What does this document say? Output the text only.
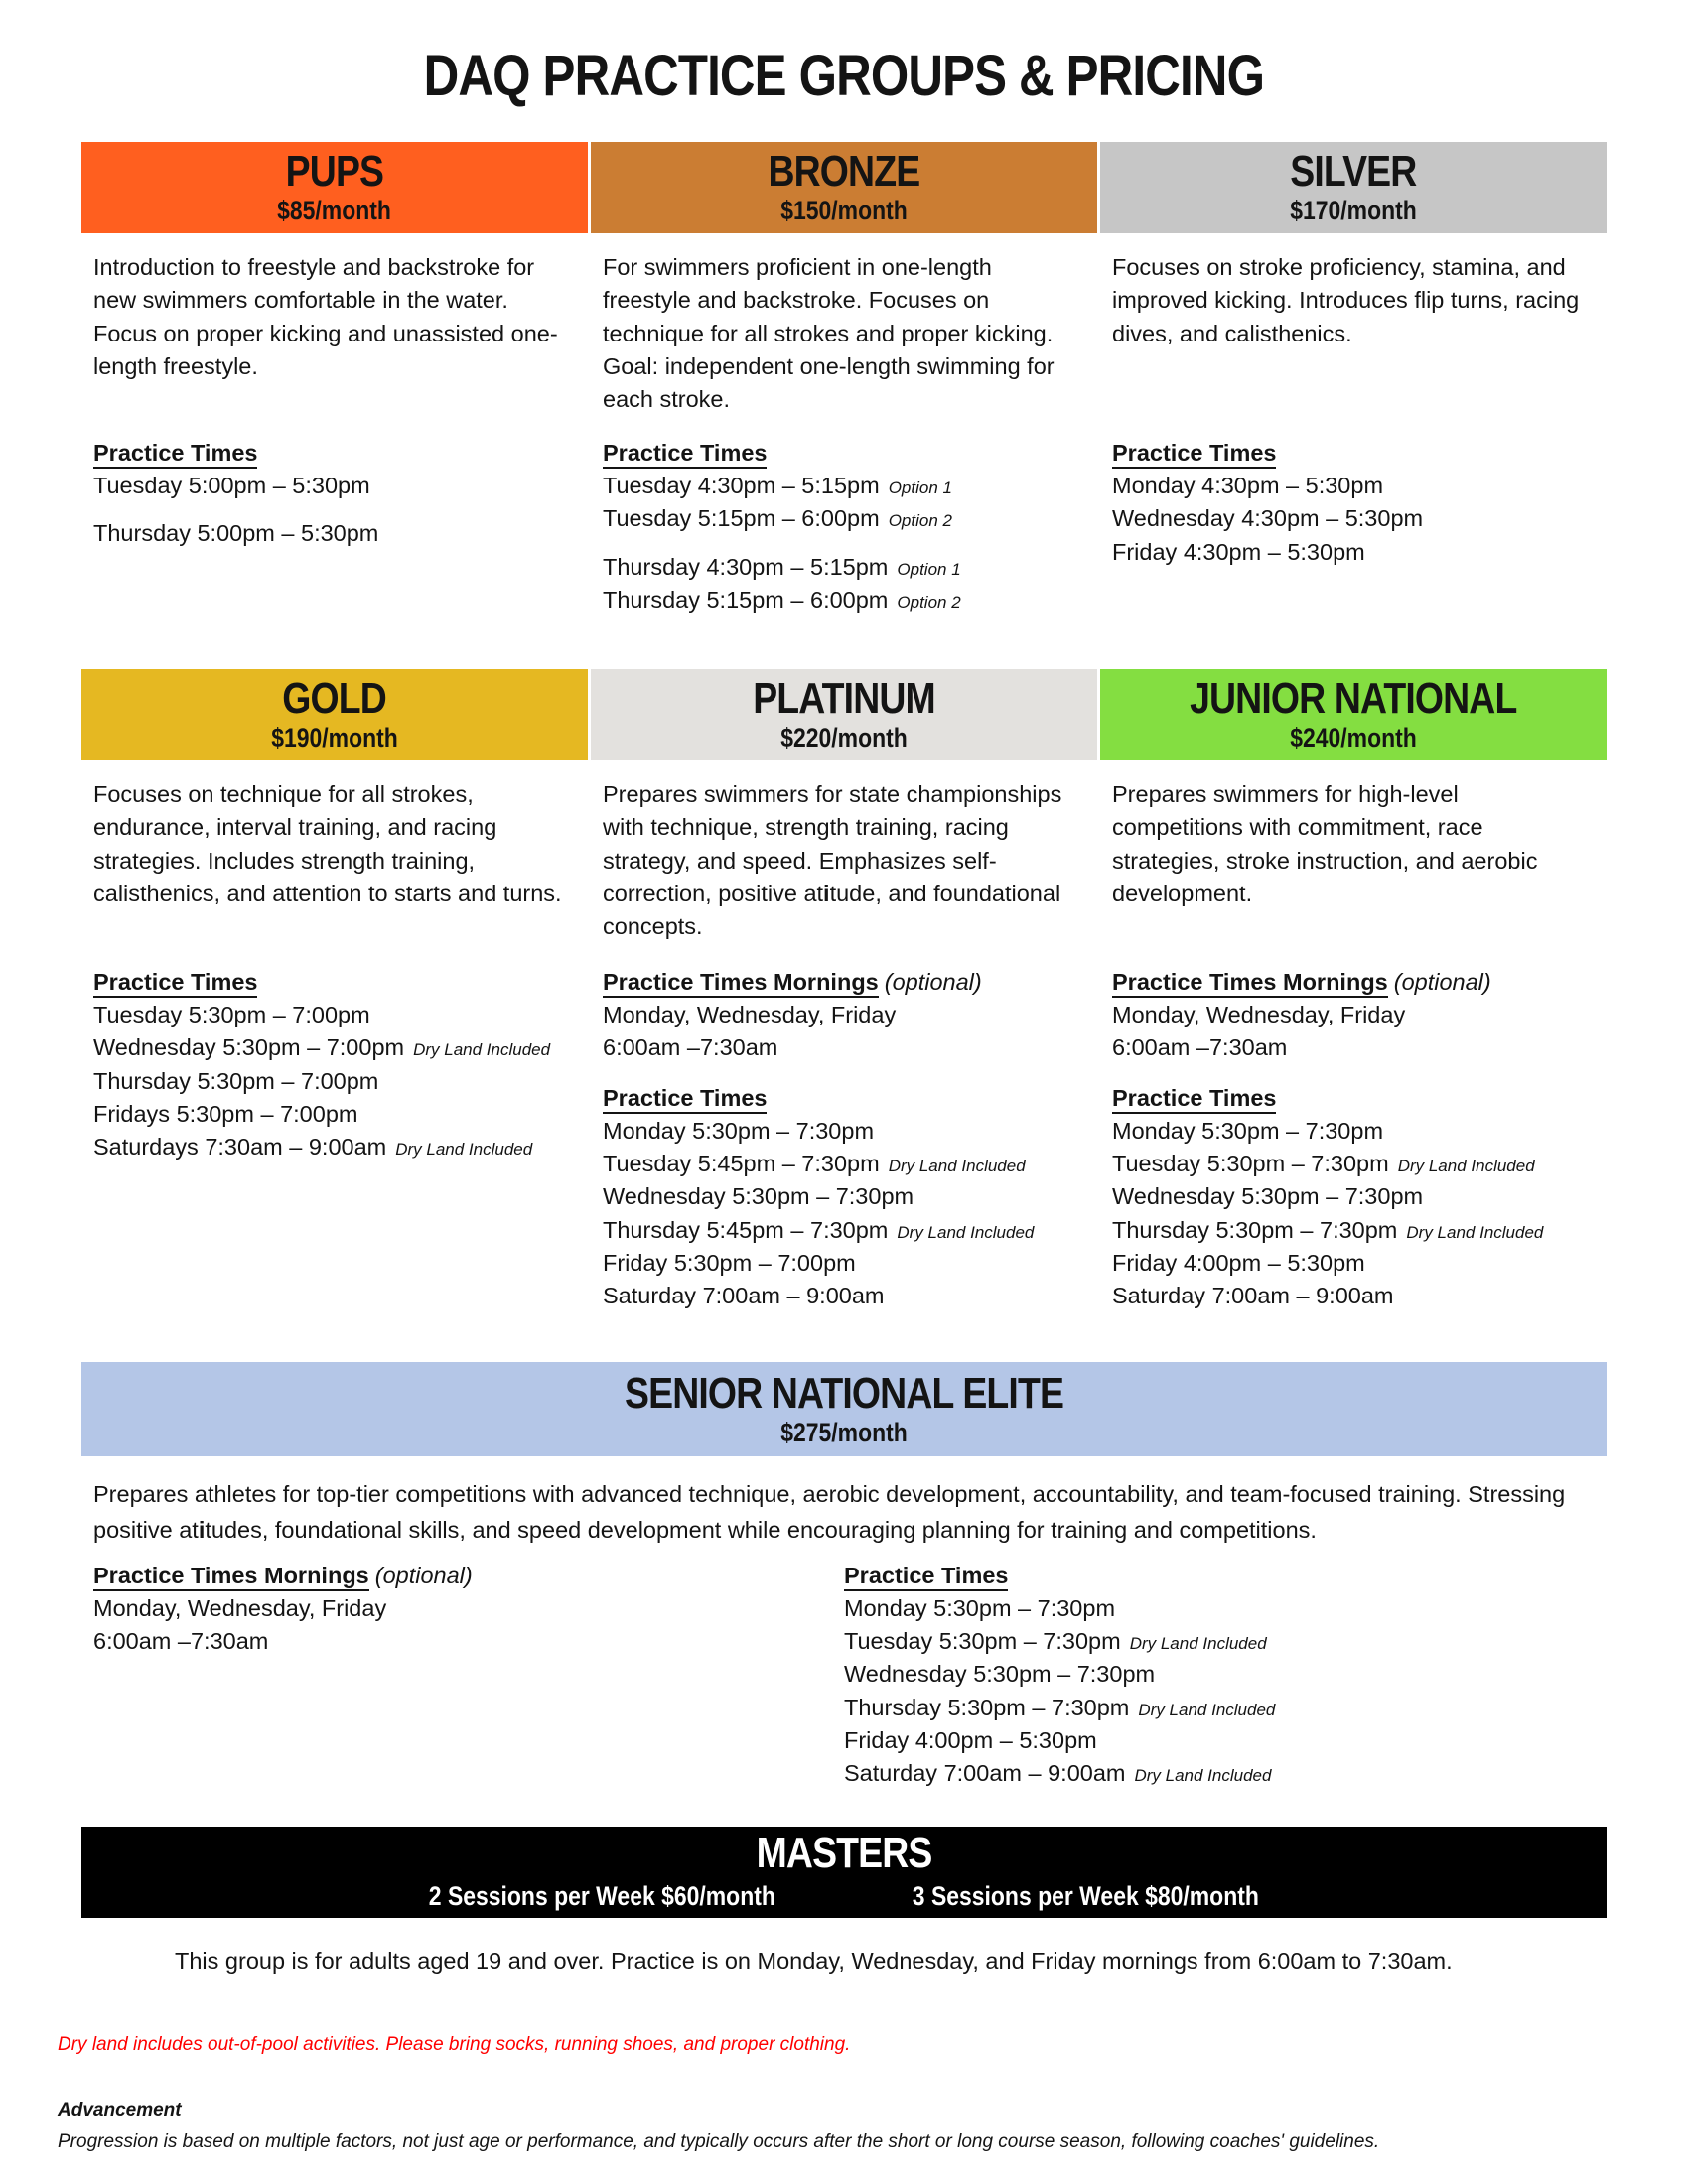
DAQ PRACTICE GROUPS & PRICING
PUPS
$85/month

Introduction to freestyle and backstroke for new swimmers comfortable in the water. Focus on proper kicking and unassisted one-length freestyle.

Practice Times
Tuesday 5:00pm – 5:30pm
Thursday 5:00pm – 5:30pm
BRONZE
$150/month

For swimmers proficient in one-length freestyle and backstroke. Focuses on technique for all strokes and proper kicking. Goal: independent one-length swimming for each stroke.

Practice Times
Tuesday 4:30pm – 5:15pm Option 1
Tuesday 5:15pm – 6:00pm Option 2
Thursday 4:30pm – 5:15pm Option 1
Thursday 5:15pm – 6:00pm Option 2
SILVER
$170/month

Focuses on stroke proficiency, stamina, and improved kicking. Introduces flip turns, racing dives, and calisthenics.

Practice Times
Monday 4:30pm – 5:30pm
Wednesday 4:30pm – 5:30pm
Friday 4:30pm – 5:30pm
GOLD
$190/month

Focuses on technique for all strokes, endurance, interval training, and racing strategies. Includes strength training, calisthenics, and attention to starts and turns.

Practice Times
Tuesday 5:30pm – 7:00pm
Wednesday 5:30pm – 7:00pm Dry Land Included
Thursday 5:30pm – 7:00pm
Fridays 5:30pm – 7:00pm
Saturdays 7:30am – 9:00am Dry Land Included
PLATINUM
$220/month

Prepares swimmers for state championships with technique, strength training, racing strategy, and speed. Emphasizes self-correction, positive atitude, and foundational concepts.

Practice Times Mornings (optional)
Monday, Wednesday, Friday
6:00am –7:30am
Practice Times
Monday 5:30pm – 7:30pm
Tuesday 5:45pm – 7:30pm Dry Land Included
Wednesday 5:30pm – 7:30pm
Thursday 5:45pm – 7:30pm Dry Land Included
Friday 5:30pm – 7:00pm
Saturday 7:00am – 9:00am
JUNIOR NATIONAL
$240/month

Prepares swimmers for high-level competitions with commitment, race strategies, stroke instruction, and aerobic development.

Practice Times Mornings (optional)
Monday, Wednesday, Friday
6:00am –7:30am
Practice Times
Monday 5:30pm – 7:30pm
Tuesday 5:30pm – 7:30pm Dry Land Included
Wednesday 5:30pm – 7:30pm
Thursday 5:30pm – 7:30pm Dry Land Included
Friday 4:00pm – 5:30pm
Saturday 7:00am – 9:00am
SENIOR NATIONAL ELITE
$275/month

Prepares athletes for top-tier competitions with advanced technique, aerobic development, accountability, and team-focused training. Stressing positive atitudes, foundational skills, and speed development while encouraging planning for training and competitions.

Practice Times Mornings (optional)
Monday, Wednesday, Friday
6:00am –7:30am
Practice Times
Monday 5:30pm – 7:30pm
Tuesday 5:30pm – 7:30pm Dry Land Included
Wednesday 5:30pm – 7:30pm
Thursday 5:30pm – 7:30pm Dry Land Included
Friday 4:00pm – 5:30pm
Saturday 7:00am – 9:00am Dry Land Included
MASTERS
2 Sessions per Week $60/month	3 Sessions per Week $80/month

This group is for adults aged 19 and over. Practice is on Monday, Wednesday, and Friday mornings from 6:00am to 7:30am.

Dry land includes out-of-pool activities. Please bring socks, running shoes, and proper clothing.

Advancement

Progression is based on multiple factors, not just age or performance, and typically occurs after the short or long course season, following coaches' guidelines.
